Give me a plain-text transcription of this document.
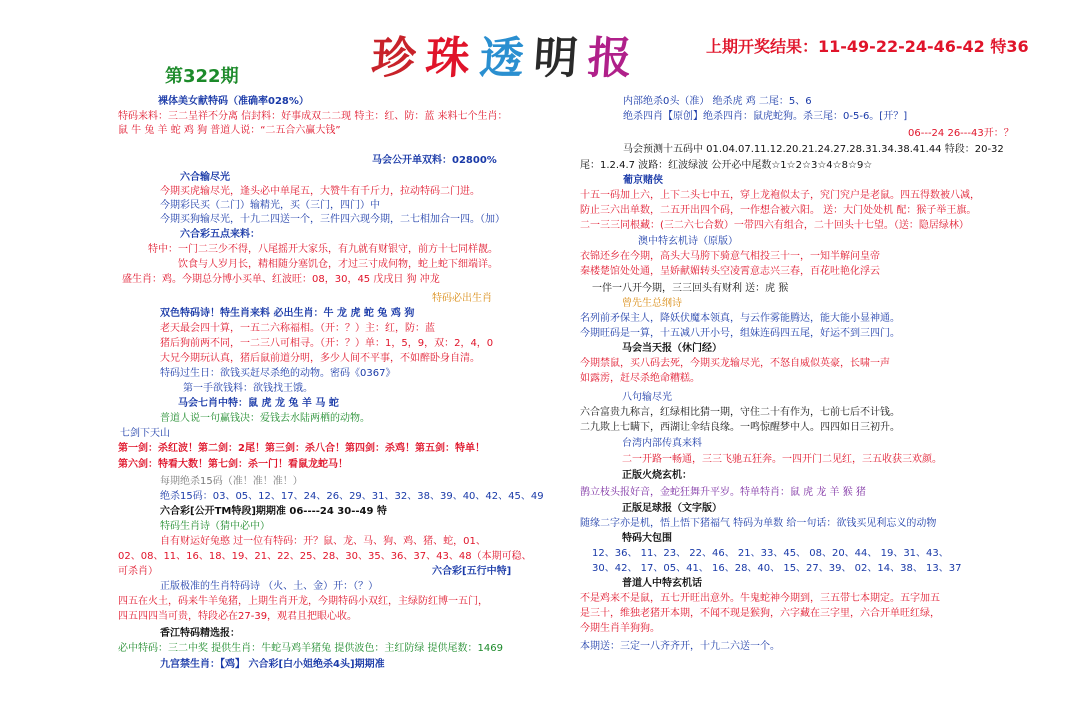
珍 珠 透 明 报
第322期
上期开奖结果：11-49-22-24-46-42 特36
裸体美女献特码（准确率028%）
特码来料：三二呈祥不分离 信封料：好事成双二二现 特主：红、防：蓝 来料七个生肖：
鼠 牛 兔 羊 蛇 鸡 狗 普道人说：“二五合六赢大钱”
马会公开单双料：02800%
六合输尽光
今期买虎输尽光，逢头必中单尾五，大赞牛有千斤力，拉动特码二门进。
今期彩民买（二门）输精光，买（三门，四门）中
今期买狗输尽光，十九二四送一个，三件四六现今期，二七相加合一四。（加）
六合彩五点来料：
特中：一门二三少不得，八尾摇开大家乐，有九就有财银守，前方十七同样靓。
饮食与人岁月长，精相随分塞饥仓，才过三寸成何物，蛇上蛇下细端详。
盛生肖：鸡。今期总分博小买单、红波旺：08，30，45 戊戌日 狗 冲龙
特码必出生肖
双色特码诗！特生肖来料 必出生肖：牛 龙 虎 蛇 兔 鸡 狗
老天最会四十算，一五二六称福相。（开：？）主：红，防：蓝
猪后狗前两不同，一二三八可相寻。（开：？）单：1，5，9，双：2，4，0
大兄今期玩认真，猪后鼠前道分明，多少人间不平事，不如醉卧身自清。
特码过生日：欲钱买赶尽杀绝的动物。密码《0367》
第一手欲钱料：欲钱找王饿。
马会七肖中特：鼠 虎 龙 兔 羊 马 蛇
普道人说一句赢钱决：爱钱去水陆两栖的动物。
七剑下天山
第一剑：杀红波！第二剑：2尾！第三剑：杀八合！第四剑：杀鸡！第五剑：特单！
第六剑：特看大数！第七剑：杀一门！看鼠龙蛇马！
每期绝杀15码（准！准！准！）
绝杀15码：03、05、12、17、24、26、29、31、32、38、39、40、42、45、49
六合彩[公开TM特段]期期准 06----24 30--49 特
特码生肖诗（猜中必中）
自有财运好兔憨 过一位有特码：开？鼠、龙、马、狗、鸡、猪、蛇，01、
02、08、11、16、18、19、21、22、25、28、30、35、36、37、43、48（本期可稳、
可杀肖）	六合彩[五行中特]
正版极准的生肖特码诗 （火、土、金）开：（？）
四五在火土，码来牛羊兔猪，上期生肖开龙，今期特码小双红，主绿防红博一五门，
四五四四当可贵，特段必在27-39，观君且把眼心收。
香江特码精选报：
必中特码：三二中奖 提供生肖：牛蛇马鸡羊猪兔 提供波色：主红防绿 提供尾数：1469
九宫禁生肖：【鸡】 六合彩[白小姐绝杀4头]期期准
内部绝杀0头（准） 绝杀虎 鸡 二尾：5、6
绝杀四肖【原创】绝杀四肖：鼠虎蛇狗。杀三尾：0-5-6。[开？]
06---24 26---43开：？
马会预测十五码中 01.04.07.11.12.20.21.24.27.28.31.34.38.41.44 特段：20-32
尾：1.2.4.7 波路：红波绿波 公开必中尾数☆1☆2☆3☆4☆8☆9☆
葡京赌侠
十五一码加上六，上下二头七中五，穿上龙袍似太子，究门究户是老鼠。四五得数被八减，
防止三六出单数，二五开出四个码，一作想合被六阳。 送：大门处处机 配：猴子举王旗。
二一三三同根藏：(三二六七合数）一带四六有组合，二十回头十七望。（送：隐居绿林）
澳中特玄机诗（原版）
衣锦还乡在今期，高头大马胯下骑意气相投三十一，一知半解问皇帝
秦楼楚馆处处通，呈娇献媚转头空凌霄意志兴三春，百花吐艳化浮云
一伴一八开今期，三三回头有财利 送：虎 猴
曾先生总纲诗
名列前矛保主人，降妖伏魔本领真，与云作雾能腾达，能大能小显神通。
今期旺码是一算，十五减八开小号，组妹连码四五尾，好运不到三四门。
马会当天报（休门经）
今期禁鼠，买八码去死，今期买龙输尽光，不怒自威似英豪，长啸一声
如露雳，赶尽杀绝命糟糕。
八句输尽光
六合富贵九称言，红绿相比猜一期，守住二十有作为，七前七后不计钱。
二九欺上七瞒下，西湖让伞结良缘。一鸣惊醒梦中人。四四如日三初升。
台湾内部传真来料
二一开路一畅通，三三飞驰五狂奔。一四开门二见红，三五收获三欢颜。
正版火烧玄机：
鹊立枝头报好音，金蛇狂舞升平岁。特单特肖：鼠 虎 龙 羊 猴 猪
正版足球报（文字版）
随缘二字亦是机，悟上悟下猪福气 特码为单数 给一句话：欲钱买见利忘义的动物
特码大包围
12、36、 11、23、 22、46、 21、33、45、 08、20、44、 19、31、43、
30、42、 17、05、41、 16、28、40、 15、27、39、 02、14、38、 13、37
普道人中特玄机话
不是鸡来不是鼠，五七开旺出意外。牛鬼蛇神今期到，三五带七本期定。五字加五
是三十，维独老猪开本期，不闻不现是猴狗，六字藏在三字里，六合开单旺红绿，
今期生肖羊狗狗。
本期送：三定一八齐齐开，十九二六送一个。
